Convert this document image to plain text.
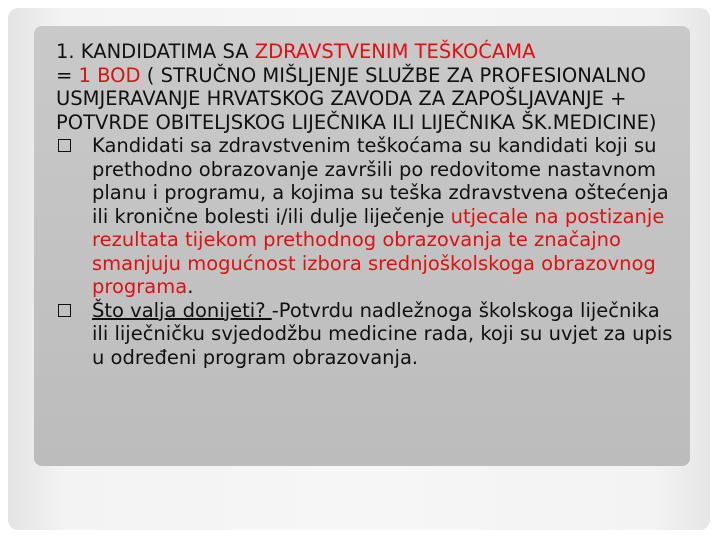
1. KANDIDATIMA SA ZDRAVSTVENIM TEŠKOĆAMA
= 1 BOD ( STRUČNO MIŠLJENJE SLUŽBE ZA PROFESIONALNO USMJERAVANJE HRVATSKOG ZAVODA ZA ZAPOŠLJAVANJE + POTVRDE OBITELJSKOG LIJEČNIKA ILI LIJEČNIKA ŠK.MEDICINE)

Kandidati sa zdravstvenim teškoćama su kandidati koji su prethodno obrazovanje završili po redovitome nastavnom planu i programu, a kojima su teška zdravstvena oštećenja ili kronične bolesti i/ili dulje liječenje utjecale na postizanje rezultata tijekom prethodnog obrazovanja te značajno smanjuju mogućnost izbora srednjoškolskoga obrazovnog programa.

Što valja donijeti? -Potvrdu nadležnoga školskoga liječnika ili liječničku svjedodžbu medicine rada, koji su uvjet za upis u određeni program obrazovanja.
